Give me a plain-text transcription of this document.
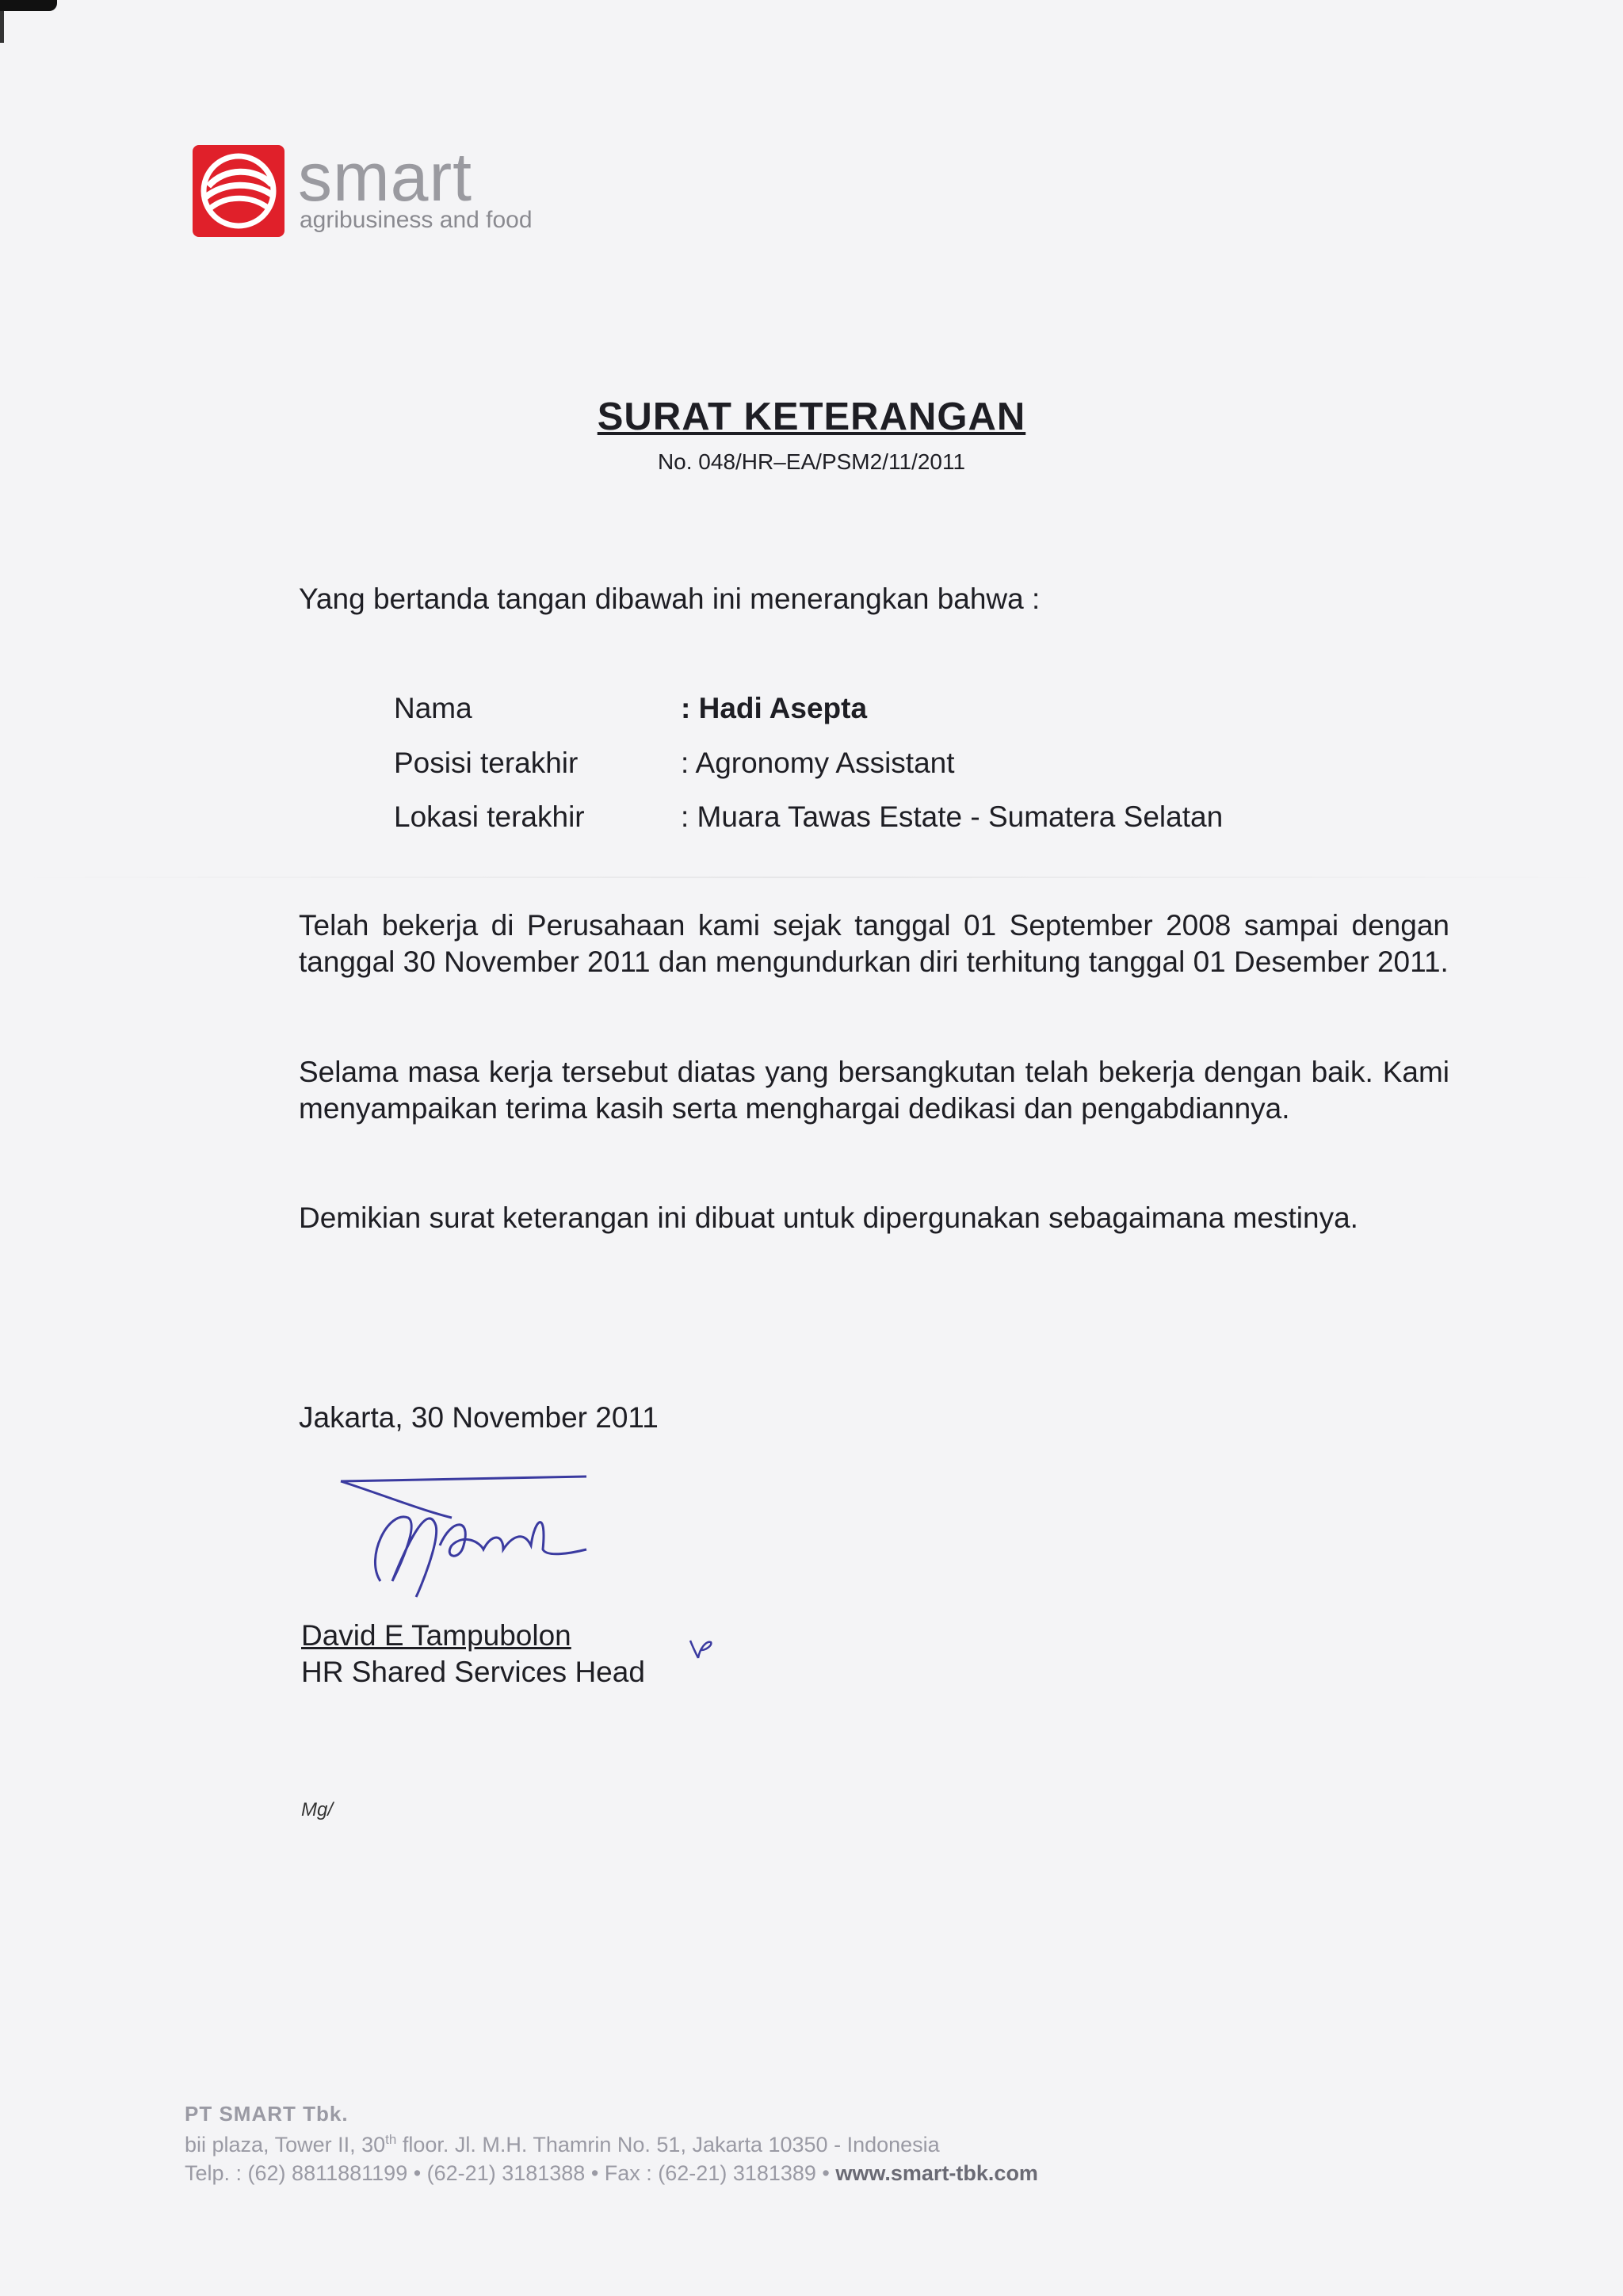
smart
agribusiness and food
SURAT KETERANGAN
No. 048/HR–EA/PSM2/11/2011
Yang bertanda tangan dibawah ini menerangkan bahwa :
Nama	: Hadi Asepta
Posisi terakhir	: Agronomy Assistant
Lokasi terakhir	: Muara Tawas Estate - Sumatera Selatan
Telah bekerja di Perusahaan kami sejak tanggal 01 September 2008 sampai dengan tanggal 30 November 2011 dan mengundurkan diri terhitung tanggal 01 Desember 2011.
Selama masa kerja tersebut diatas yang bersangkutan telah bekerja dengan baik. Kami menyampaikan terima kasih serta menghargai dedikasi dan pengabdiannya.
Demikian surat keterangan ini dibuat untuk dipergunakan sebagaimana mestinya.
Jakarta, 30 November 2011
David E Tampubolon
HR Shared Services Head
Mg/
PT SMART Tbk.
bii plaza, Tower II, 30th floor. Jl. M.H. Thamrin No. 51, Jakarta 10350 - Indonesia
Telp. : (62) 8811881199 • (62-21) 3181388 • Fax : (62-21) 3181389 • www.smart-tbk.com
